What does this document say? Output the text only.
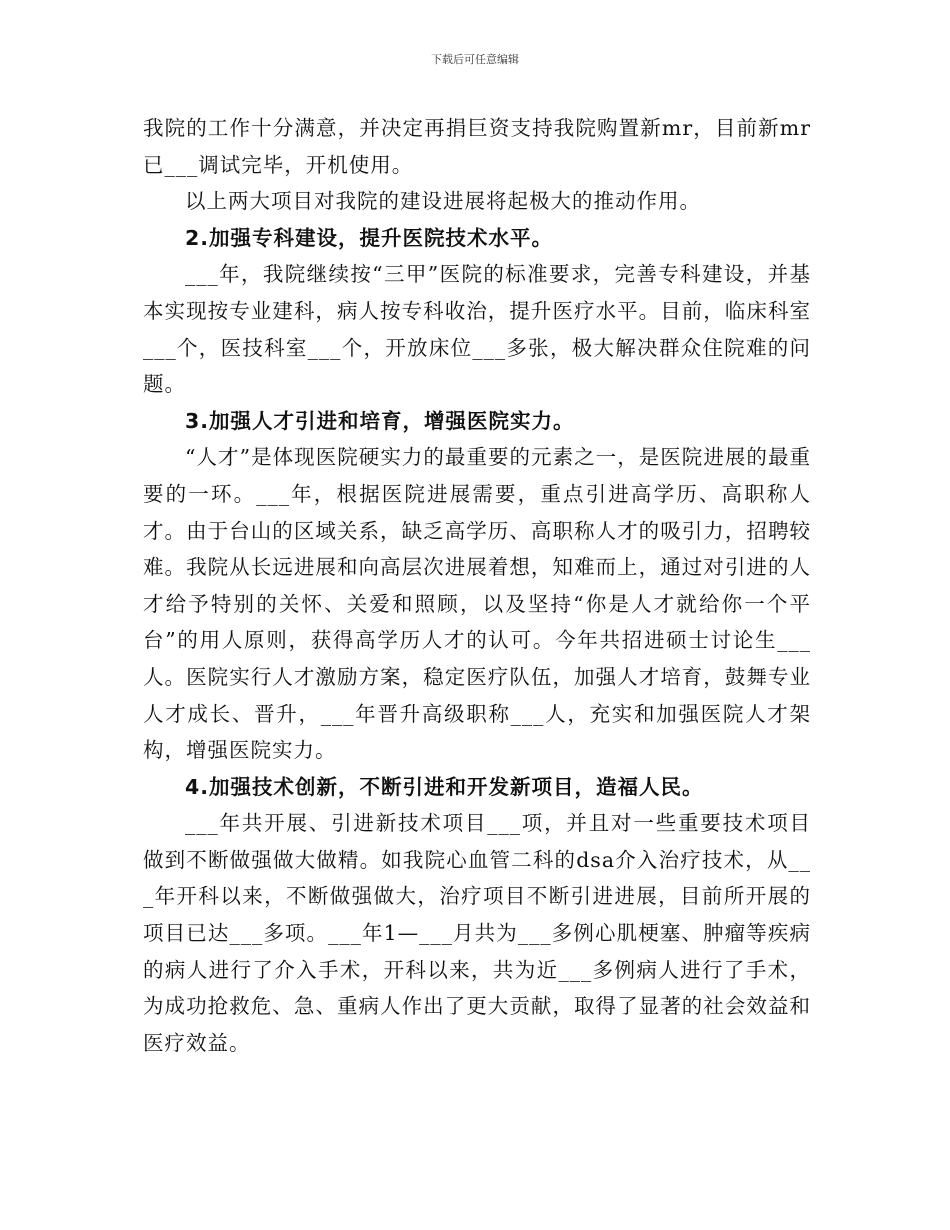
下载后可任意编辑

我院的工作十分满意，并决定再捐巨资支持我院购置新mr，目前新mr已___调试完毕，开机使用。

以上两大项目对我院的建设进展将起极大的推动作用。

2.加强专科建设，提升医院技术水平。

___年，我院继续按“三甲”医院的标准要求，完善专科建设，并基本实现按专业建科，病人按专科收治，提升医疗水平。目前，临床科室___个，医技科室___个，开放床位___多张，极大解决群众住院难的问题。

3.加强人才引进和培育，增强医院实力。

“人才”是体现医院硬实力的最重要的元素之一，是医院进展的最重要的一环。___年，根据医院进展需要，重点引进高学历、高职称人才。由于台山的区域关系，缺乏高学历、高职称人才的吸引力，招聘较难。我院从长远进展和向高层次进展着想，知难而上，通过对引进的人才给予特别的关怀、关爱和照顾，以及坚持“你是人才就给你一个平台”的用人原则，获得高学历人才的认可。今年共招进硕士讨论生___人。医院实行人才激励方案，稳定医疗队伍，加强人才培育，鼓舞专业人才成长、晋升，___年晋升高级职称___人，充实和加强医院人才架构，增强医院实力。

4.加强技术创新，不断引进和开发新项目，造福人民。

___年共开展、引进新技术项目___项，并且对一些重要技术项目做到不断做强做大做精。如我院心血管二科的dsa介入治疗技术，从___年开科以来，不断做强做大，治疗项目不断引进进展，目前所开展的项目已达___多项。___年1—___月共为___多例心肌梗塞、肿瘤等疾病的病人进行了介入手术，开科以来，共为近___多例病人进行了手术，为成功抢救危、急、重病人作出了更大贡献，取得了显著的社会效益和医疗效益。
